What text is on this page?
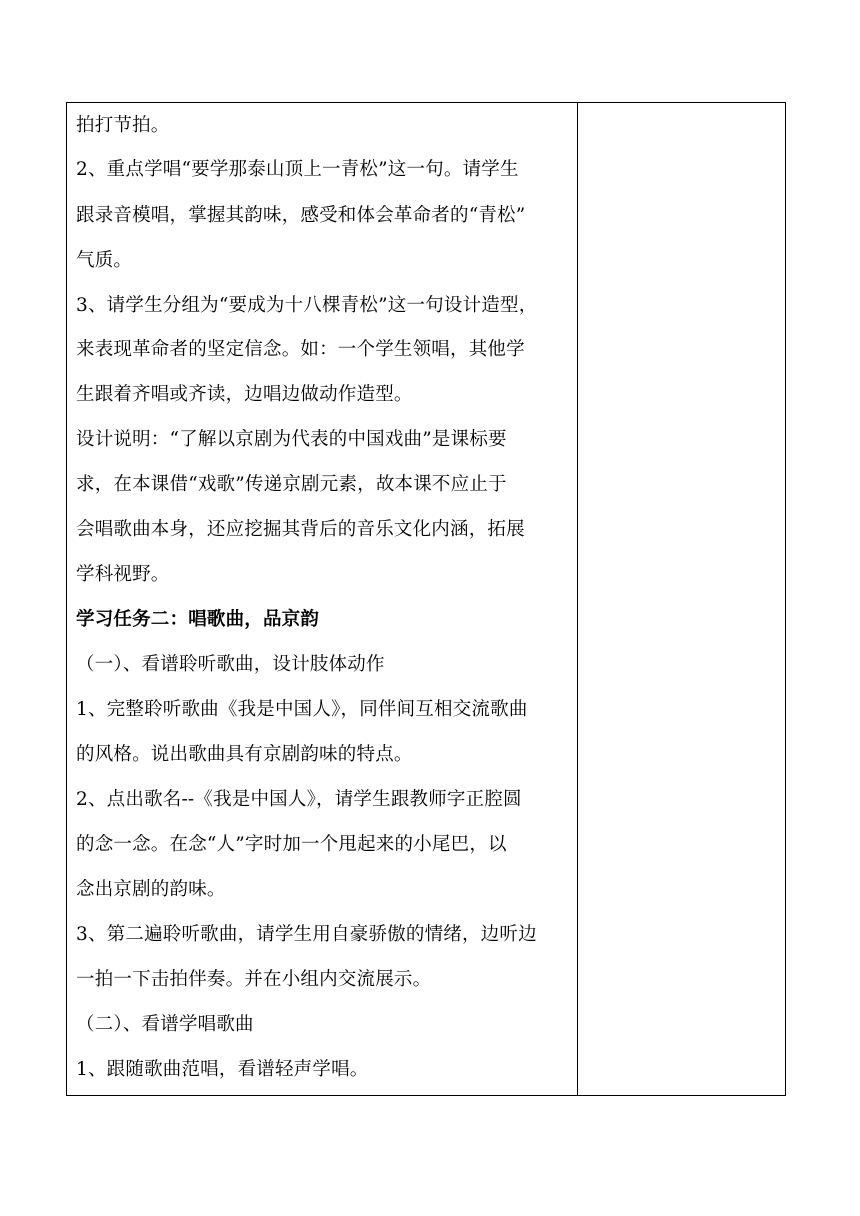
拍打节拍。
2、重点学唱“要学那泰山顶上一青松”这一句。请学生
跟录音模唱，掌握其韵味，感受和体会革命者的“青松”
气质。
3、请学生分组为“要成为十八棵青松”这一句设计造型，
来表现革命者的坚定信念。如：一个学生领唱，其他学
生跟着齐唱或齐读，边唱边做动作造型。
设计说明：“了解以京剧为代表的中国戏曲”是课标要
求，在本课借“戏歌”传递京剧元素，故本课不应止于
会唱歌曲本身，还应挖掘其背后的音乐文化内涵，拓展
学科视野。
学习任务二：唱歌曲，品京韵
（一）、看谱聆听歌曲，设计肢体动作
1、完整聆听歌曲《我是中国人》，同伴间互相交流歌曲
的风格。说出歌曲具有京剧韵味的特点。
2、点出歌名--《我是中国人》，请学生跟教师字正腔圆
的念一念。在念“人”字时加一个甩起来的小尾巴，以
念出京剧的韵味。
3、第二遍聆听歌曲，请学生用自豪骄傲的情绪，边听边
一拍一下击拍伴奏。并在小组内交流展示。
（二）、看谱学唱歌曲
1、跟随歌曲范唱，看谱轻声学唱。
